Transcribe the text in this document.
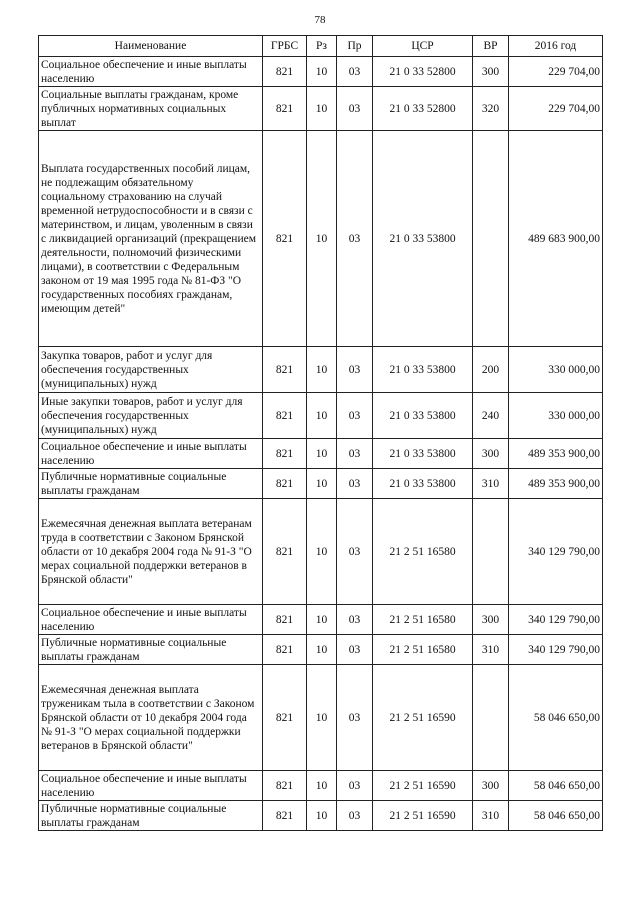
78
Наименование	ГРБС	Рз	Пр	ЦСР	ВР	2016 год
Социальное обеспечение и иные выплаты населению	821	10	03	21 0 33 52800	300	229 704,00
Социальные выплаты гражданам, кроме публичных нормативных социальных выплат	821	10	03	21 0 33 52800	320	229 704,00
Выплата государственных пособий лицам, не подлежащим обязательному социальному страхованию на случай временной нетрудоспособности и в связи с материнством, и лицам, уволенным в связи с ликвидацией организаций (прекращением деятельности, полномочий физическими лицами), в соответствии с Федеральным законом от 19 мая 1995 года № 81-ФЗ "О государственных пособиях гражданам, имеющим детей"	821	10	03	21 0 33 53800		489 683 900,00
Закупка товаров, работ и услуг для обеспечения государственных (муниципальных) нужд	821	10	03	21 0 33 53800	200	330 000,00
Иные закупки товаров, работ и услуг для обеспечения государственных (муниципальных) нужд	821	10	03	21 0 33 53800	240	330 000,00
Социальное обеспечение и иные выплаты населению	821	10	03	21 0 33 53800	300	489 353 900,00
Публичные нормативные социальные выплаты гражданам	821	10	03	21 0 33 53800	310	489 353 900,00
Ежемесячная денежная выплата ветеранам труда в соответствии с Законом Брянской области от 10 декабря 2004 года № 91-З "О мерах социальной поддержки ветеранов в Брянской области"	821	10	03	21 2 51 16580		340 129 790,00
Социальное обеспечение и иные выплаты населению	821	10	03	21 2 51 16580	300	340 129 790,00
Публичные нормативные социальные выплаты гражданам	821	10	03	21 2 51 16580	310	340 129 790,00
Ежемесячная денежная выплата труженикам тыла в соответствии с Законом Брянской области от 10 декабря 2004 года № 91-З "О мерах социальной поддержки ветеранов в Брянской области"	821	10	03	21 2 51 16590		58 046 650,00
Социальное обеспечение и иные выплаты населению	821	10	03	21 2 51 16590	300	58 046 650,00
Публичные нормативные социальные выплаты гражданам	821	10	03	21 2 51 16590	310	58 046 650,00
